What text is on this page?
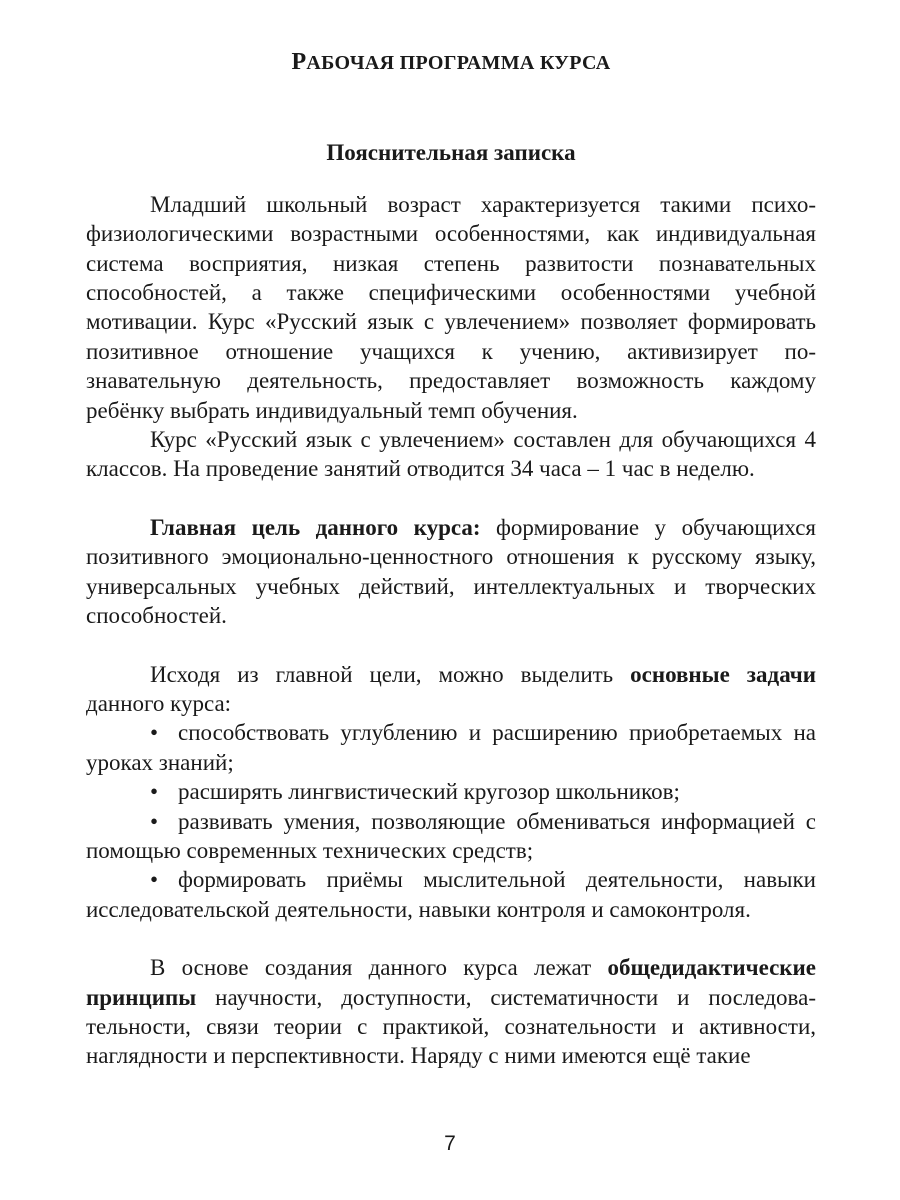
РАБОЧАЯ ПРОГРАММА КУРСА
Пояснительная записка

Младший школьный возраст характеризуется такими психофизиологическими возрастными особенностями, как индивидуальная система восприятия, низкая степень развитости познавательных способностей, а также специфическими особенностями учебной мотивации. Курс «Русский язык с увлечением» позволяет формировать позитивное отношение учащихся к учению, активизирует познавательную деятельность, предоставляет возможность каждому ребёнку выбрать индивидуальный темп обучения.

Курс «Русский язык с увлечением» составлен для обучающихся 4 классов. На проведение занятий отводится 34 часа – 1 час в неделю.

Главная цель данного курса: формирование у обучающихся позитивного эмоционально-ценностного отношения к русскому языку, универсальных учебных действий, интеллектуальных и творческих способностей.

Исходя из главной цели, можно выделить основные задачи данного курса:

• способствовать углублению и расширению приобретаемых на уроках знаний;
• расширять лингвистический кругозор школьников;
• развивать умения, позволяющие обмениваться информацией с помощью современных технических средств;
• формировать приёмы мыслительной деятельности, навыки исследовательской деятельности, навыки контроля и самоконтроля.

В основе создания данного курса лежат общедидактические принципы научности, доступности, систематичности и последовательности, связи теории с практикой, сознательности и активности, наглядности и перспективности. Наряду с ними имеются ещё такие

7
